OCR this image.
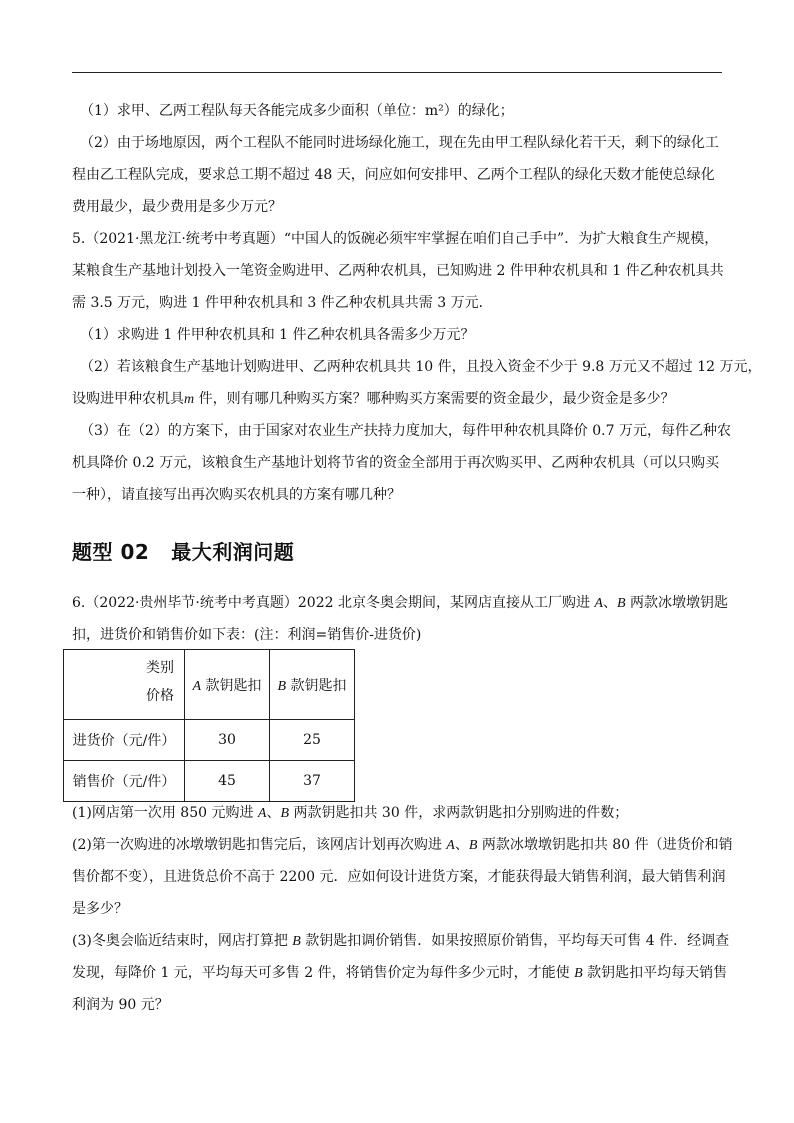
（1）求甲、乙两工程队每天各能完成多少面积（单位：m²）的绿化；
（2）由于场地原因，两个工程队不能同时进场绿化施工，现在先由甲工程队绿化若干天，剩下的绿化工
程由乙工程队完成，要求总工期不超过 48 天，问应如何安排甲、乙两个工程队的绿化天数才能使总绿化
费用最少，最少费用是多少万元？
5.（2021·黑龙江·统考中考真题）“中国人的饭碗必须牢牢掌握在咱们自己手中”．为扩大粮食生产规模，
某粮食生产基地计划投入一笔资金购进甲、乙两种农机具，已知购进 2 件甲种农机具和 1 件乙种农机具共
需 3.5 万元，购进 1 件甲种农机具和 3 件乙种农机具共需 3 万元．
（1）求购进 1 件甲种农机具和 1 件乙种农机具各需多少万元？
（2）若该粮食生产基地计划购进甲、乙两种农机具共 10 件，且投入资金不少于 9.8 万元又不超过 12 万元，
设购进甲种农机具m 件，则有哪几种购买方案？哪种购买方案需要的资金最少，最少资金是多少？
（3）在（2）的方案下，由于国家对农业生产扶持力度加大，每件甲种农机具降价 0.7 万元，每件乙种农
机具降价 0.2 万元，该粮食生产基地计划将节省的资金全部用于再次购买甲、乙两种农机具（可以只购买
一种），请直接写出再次购买农机具的方案有哪几种？
题型 02 最大利润问题
6.（2022·贵州毕节·统考中考真题）2022 北京冬奥会期间，某网店直接从工厂购进 A、B 两款冰墩墩钥匙
扣，进货价和销售价如下表：(注：利润=销售价-进货价)
类别
价格	A 款钥匙扣	B 款钥匙扣
进货价（元/件）	30	25
销售价（元/件）	45	37
(1)网店第一次用 850 元购进 A、B 两款钥匙扣共 30 件，求两款钥匙扣分别购进的件数；
(2)第一次购进的冰墩墩钥匙扣售完后，该网店计划再次购进 A、B 两款冰墩墩钥匙扣共 80 件（进货价和销
售价都不变），且进货总价不高于 2200 元．应如何设计进货方案，才能获得最大销售利润，最大销售利润
是多少？
(3)冬奥会临近结束时，网店打算把 B 款钥匙扣调价销售．如果按照原价销售，平均每天可售 4 件．经调查
发现，每降价 1 元，平均每天可多售 2 件，将销售价定为每件多少元时，才能使 B 款钥匙扣平均每天销售
利润为 90 元？
